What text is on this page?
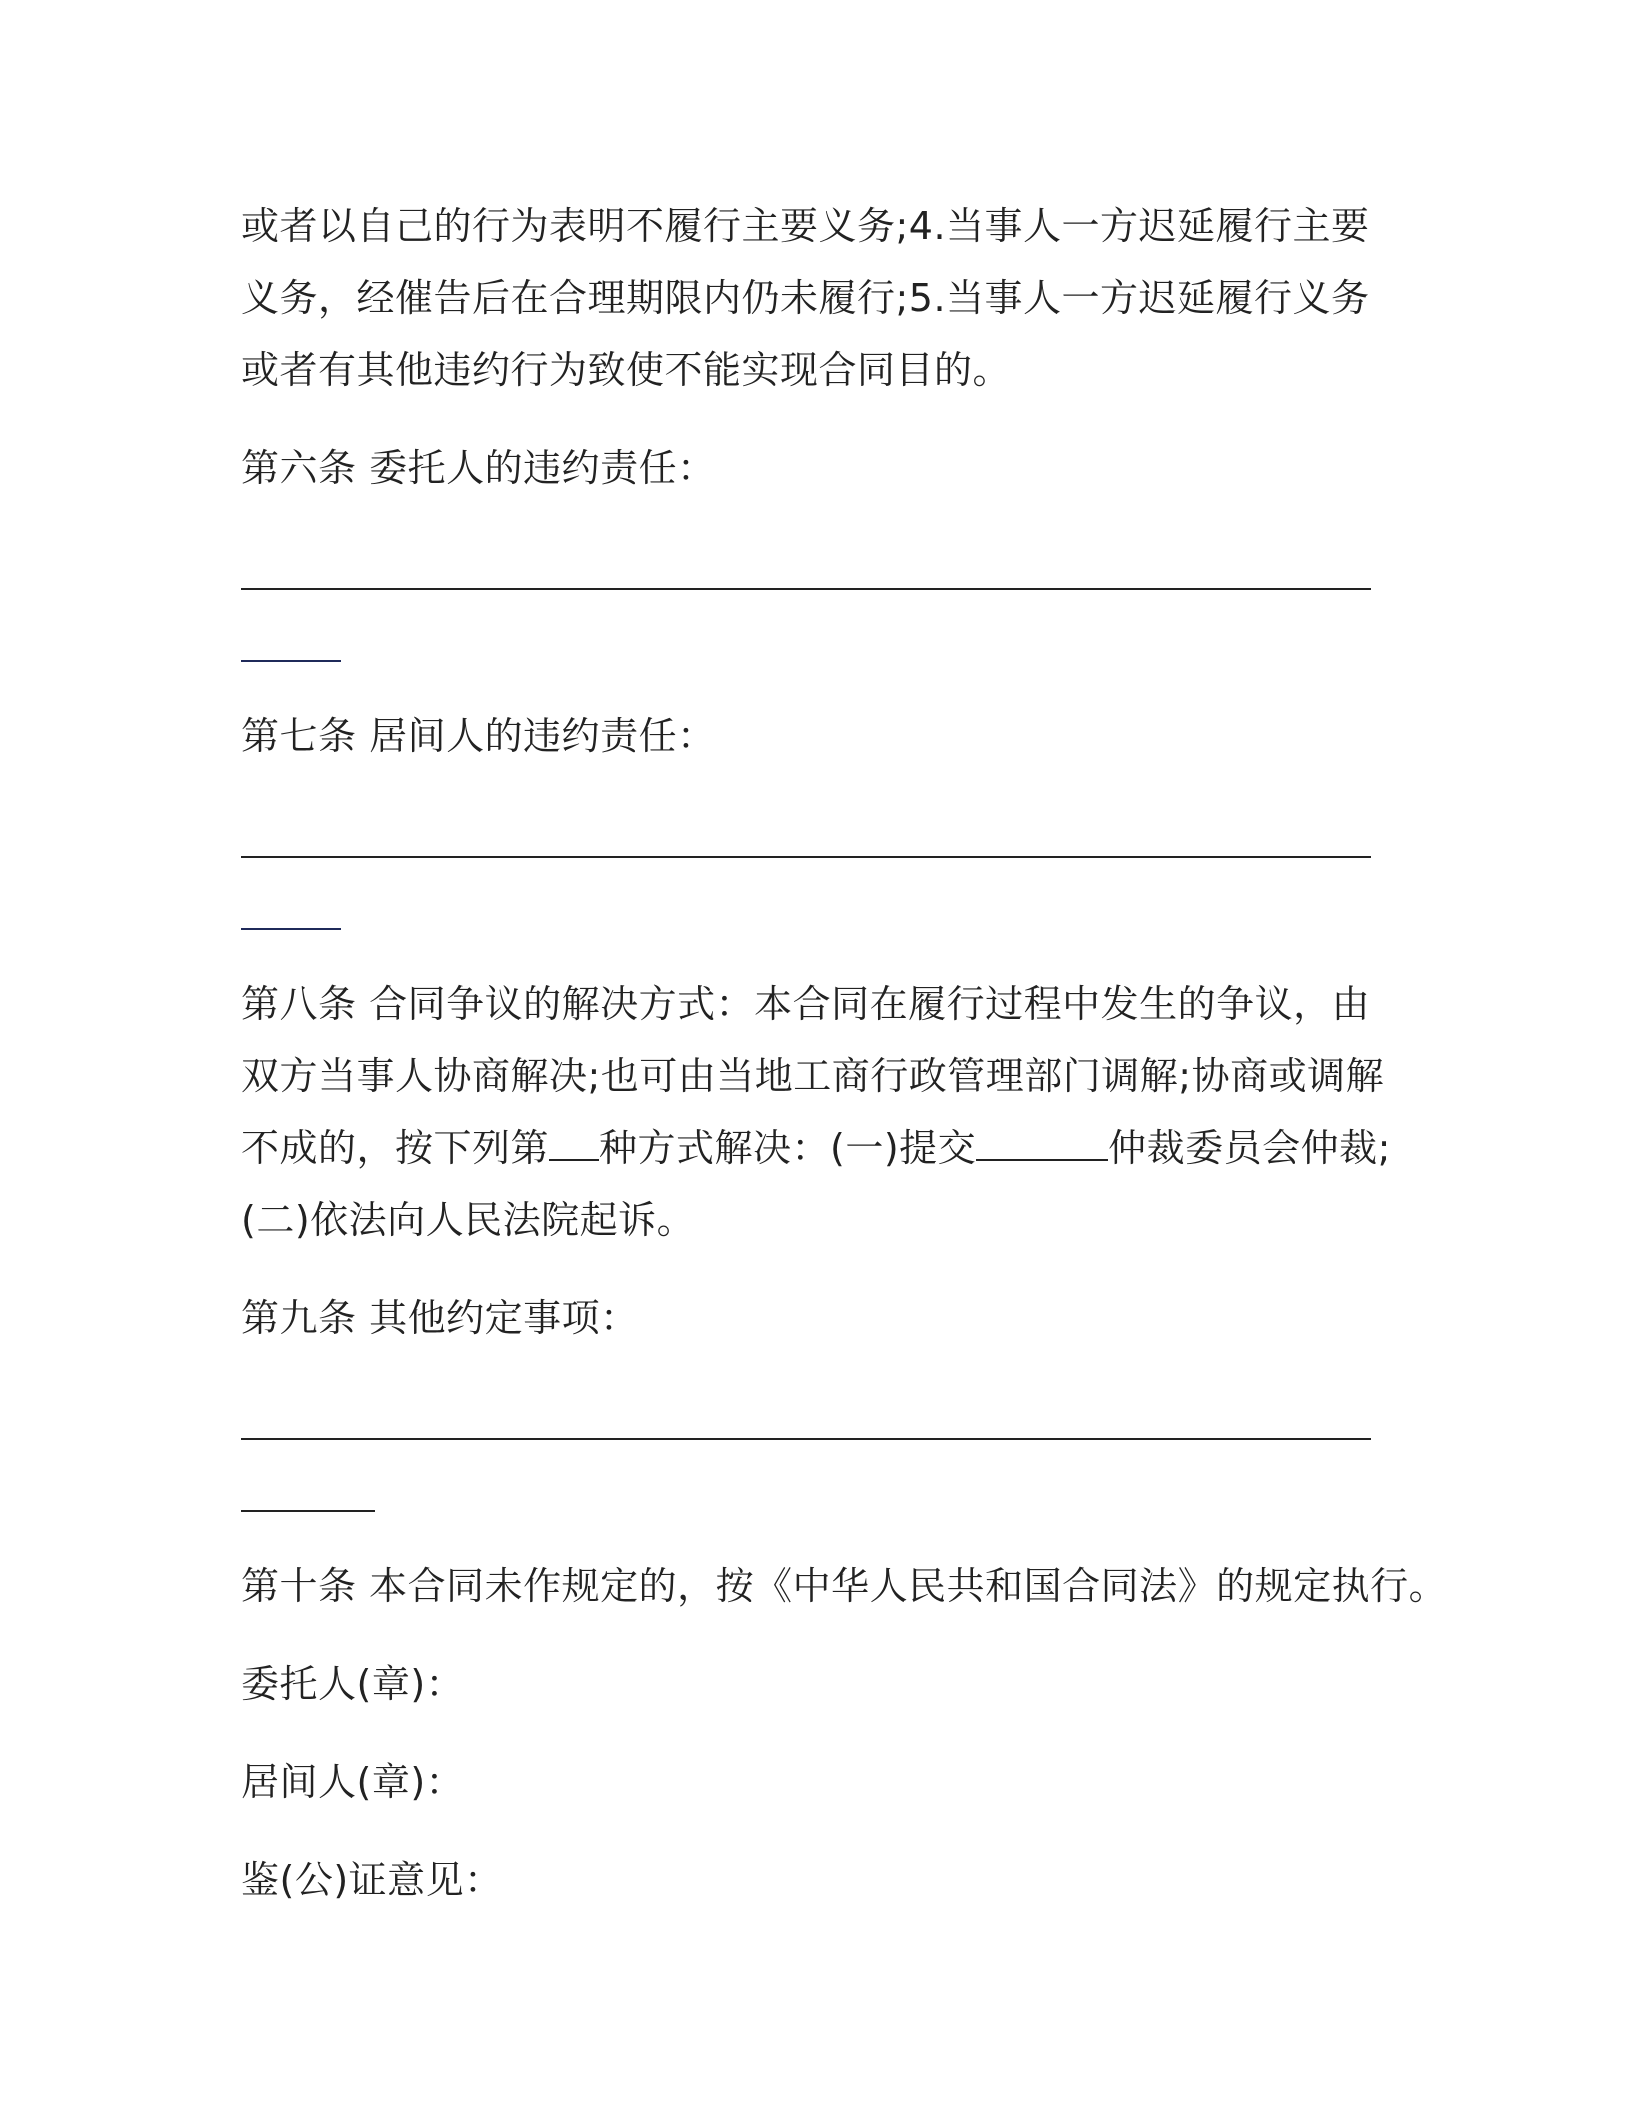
或者以自己的行为表明不履行主要义务;4.当事人一方迟延履行主要义务，经催告后在合理期限内仍未履行;5.当事人一方迟延履行义务或者有其他违约行为致使不能实现合同目的。

第六条 委托人的违约责任：

第七条 居间人的违约责任：

第八条 合同争议的解决方式：本合同在履行过程中发生的争议，由双方当事人协商解决;也可由当地工商行政管理部门调解;协商或调解不成的，按下列第 种方式解决：(一)提交	仲裁委员会仲裁;(二)依法向人民法院起诉。

第九条 其他约定事项：

第十条 本合同未作规定的，按《中华人民共和国合同法》的规定执行。

委托人(章)：

居间人(章)：

鉴(公)证意见：
